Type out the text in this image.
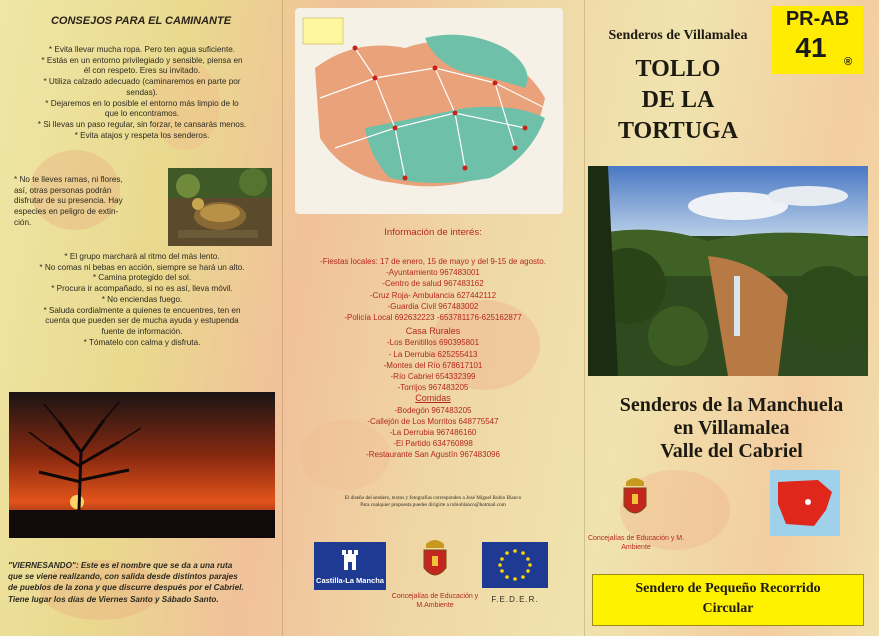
CONSEJOS PARA EL CAMINANTE
* Evita llevar mucha ropa. Pero ten agua suficiente.
* Estás en un entorno privilegiado y sensible, piensa en
él con respeto. Eres su invitado.
* Utiliza calzado adecuado (caminaremos en parte por
sendas).
* Dejaremos en lo posible el entorno más limpio de lo
que lo encontramos.
* Si llevas un paso regular, sin forzar, te cansarás menos.
* Evita atajos y respeta los senderos.
* No te lleves ramas, ni flores,
así, otras personas podrán
disfrutar de su presencia. Hay
especies en peligro de extin-
ción.
* El grupo marchará al ritmo del más lento.
* No comas ni bebas en acción, siempre se hará un alto.
* Camina protegido del sol.
* Procura ir acompañado, si no es así, lleva móvil.
* No enciendas fuego.
* Saluda cordialmente a quienes te encuentres, ten en
cuenta que pueden ser de mucha ayuda y estupenda
fuente de información.
* Tómatelo con calma y disfruta.
"VIERNESANDO": Este es el nombre que se da a una ruta
que se viene realizando, con salida desde distintos parajes
de pueblos de la zona y que discurre después por el Cabriel.
Tiene lugar los días de Viernes Santo y Sábado Santo.
Información de interés:
-Fiestas locales: 17 de enero, 15 de mayo y del 9-15 de agosto.
-Ayuntamiento 967483001
-Centro de salud 967483162
-Cruz Roja- Ambulancia 627442112
-Guardia Civil 967483002
-Policía Local 692632223 -653781176-625162877
Casa Rurales
-Los Benitillos 690395801
- La Derrubia 625255413
-Montes del Río 678617101
-Río Cabriel 654332399
-Torrijos 967483205
Comidas
-Bodegón 967483205
-Callejón de Los Morritos 648775547
-La Derrubia 967486160
-El Partido 634760898
-Restaurante San Agustín 967483096
El diseño del sendero, textos y fotografías corresponden a José Miguel Rubio Blanco
Para cualquier propuesta puedes dirigirte a rubioblanco@hotmail.com
Castilla-La Mancha
Concejalías de Educación y M.Ambiente
F.E.D.E.R.
Senderos de Villamalea
PR-AB
41	®
TOLLO
DE LA
TORTUGA
Senderos de la Manchuela
en Villamalea
Valle del Cabriel
Concejalías de Educación y M. Ambiente
Sendero de Pequeño Recorrido
Circular
